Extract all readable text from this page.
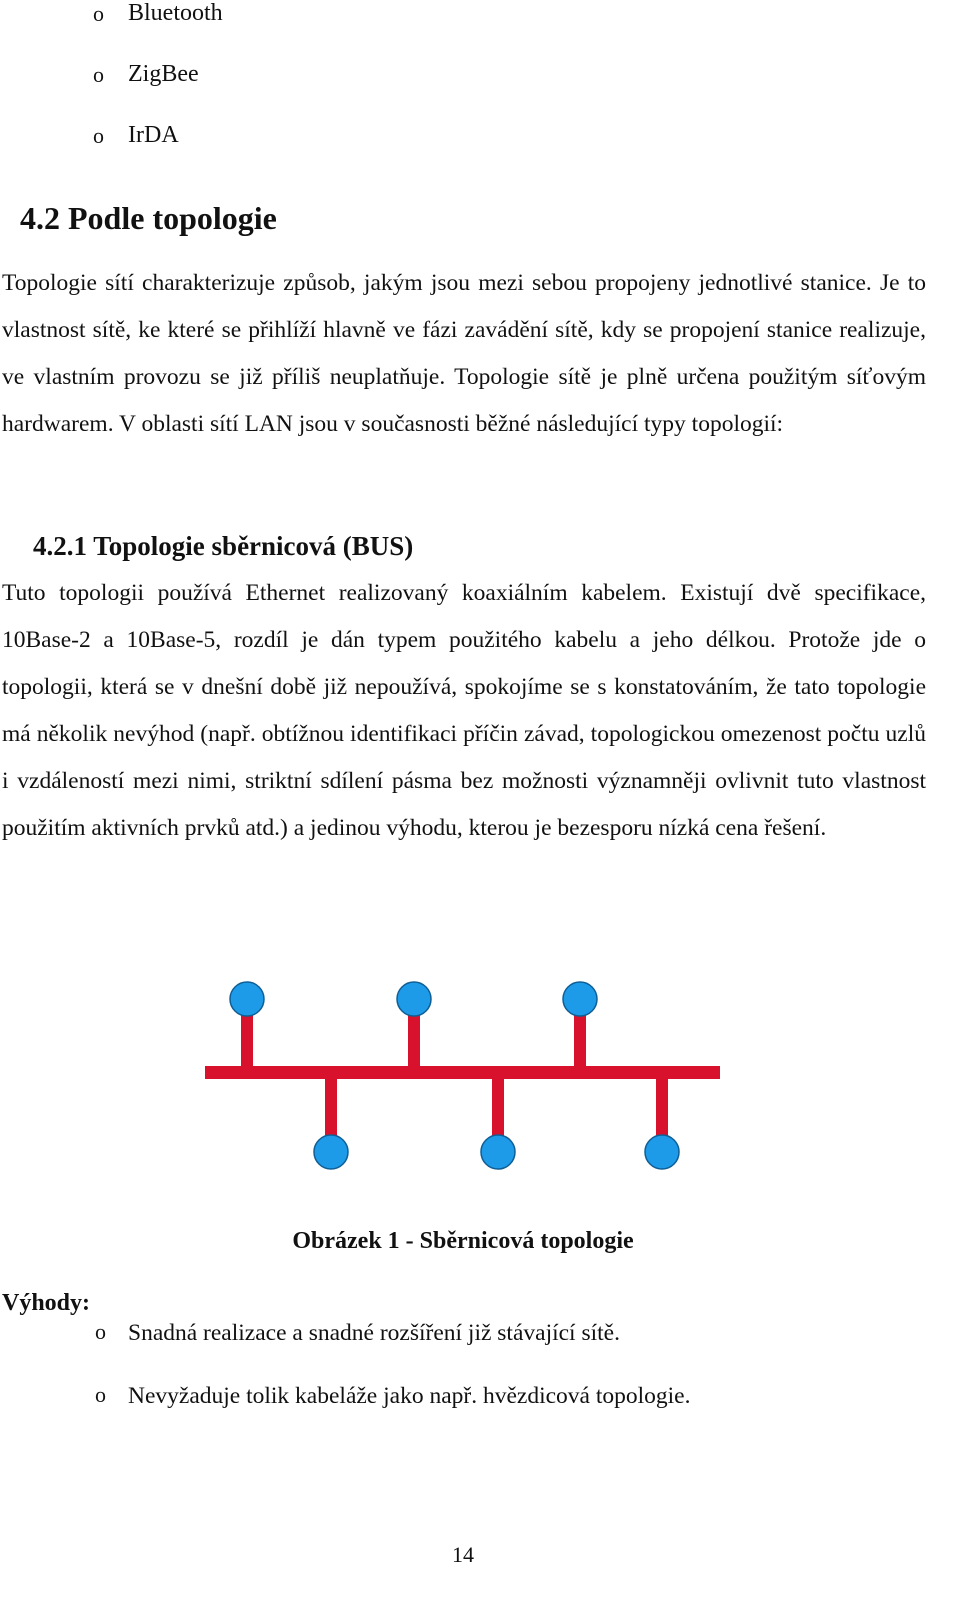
o	Bluetooth
o	ZigBee
o	IrDA
4.2 Podle topologie

Topologie sítí charakterizuje způsob, jakým jsou mezi sebou propojeny jednotlivé stanice. Je to vlastnost sítě, ke které se přihlíží hlavně ve fázi zavádění sítě, kdy se propojení stanice realizuje, ve vlastním provozu se již příliš neuplatňuje. Topologie sítě je plně určena použitým síťovým hardwarem. V oblasti sítí LAN jsou v současnosti běžné následující typy topologií:

4.2.1 Topologie sběrnicová (BUS)

Tuto topologii používá Ethernet realizovaný koaxiálním kabelem. Existují dvě specifikace, 10Base-2 a 10Base-5, rozdíl je dán typem použitého kabelu a jeho délkou. Protože jde o topologii, která se v dnešní době již nepoužívá, spokojíme se s konstatováním, že tato topologie má několik nevýhod (např. obtížnou identifikaci příčin závad, topologickou omezenost počtu uzlů i vzdáleností mezi nimi, striktní sdílení pásma bez možnosti významněji ovlivnit tuto vlastnost použitím aktivních prvků atd.) a jedinou výhodu, kterou je bezesporu nízká cena řešení.

Obrázek 1 - Sběrnicová topologie

Výhody:

o Snadná realizace a snadné rozšíření již stávající sítě.
o Nevyžaduje tolik kabeláže jako např. hvězdicová topologie.

14
